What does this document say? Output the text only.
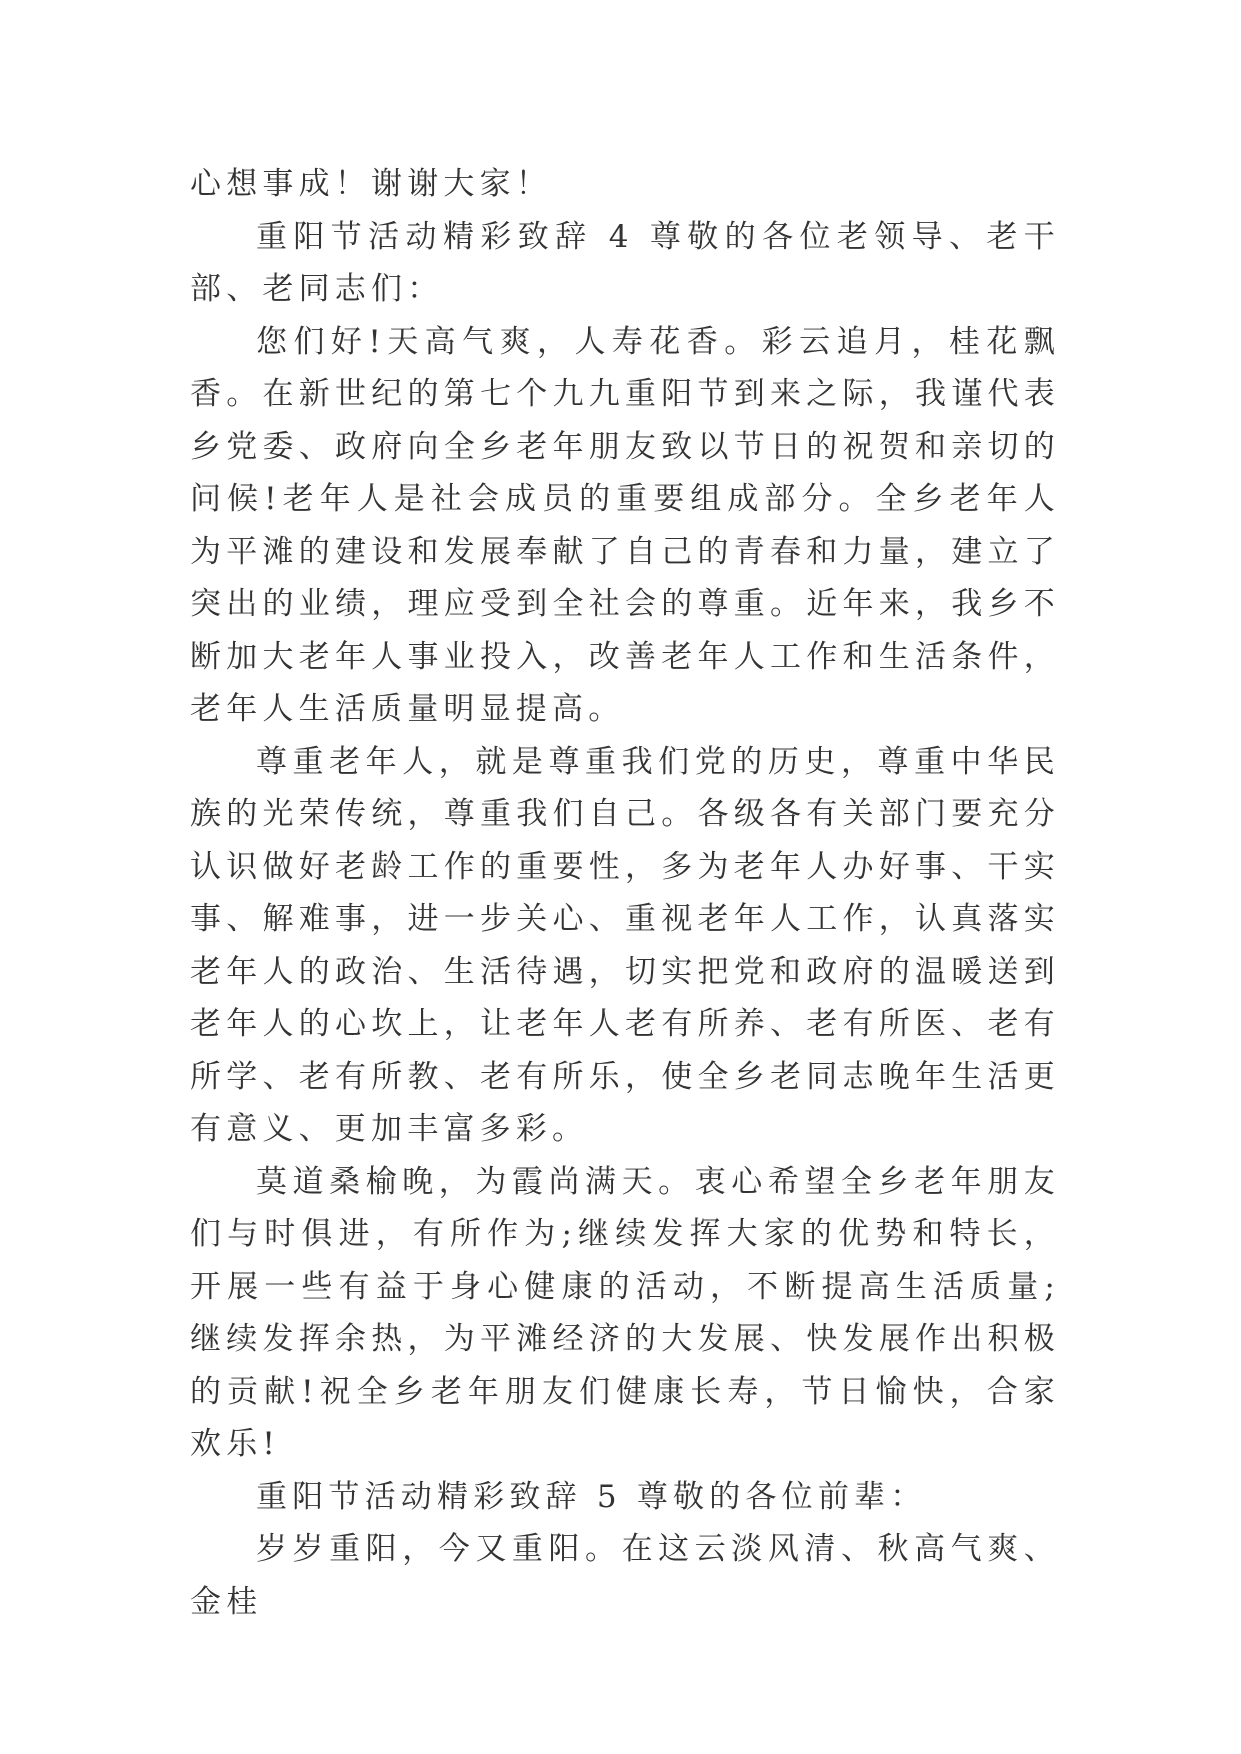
心想事成！谢谢大家！

重阳节活动精彩致辞 4 尊敬的各位老领导、老干部、老同志们：

您们好!天高气爽，人寿花香。彩云追月，桂花飘香。在新世纪的第七个九九重阳节到来之际，我谨代表乡党委、政府向全乡老年朋友致以节日的祝贺和亲切的问候!老年人是社会成员的重要组成部分。全乡老年人为平滩的建设和发展奉献了自己的青春和力量，建立了突出的业绩，理应受到全社会的尊重。近年来，我乡不断加大老年人事业投入，改善老年人工作和生活条件，老年人生活质量明显提高。

尊重老年人，就是尊重我们党的历史，尊重中华民族的光荣传统，尊重我们自己。各级各有关部门要充分认识做好老龄工作的重要性，多为老年人办好事、干实事、解难事，进一步关心、重视老年人工作，认真落实老年人的政治、生活待遇，切实把党和政府的温暖送到老年人的心坎上，让老年人老有所养、老有所医、老有所学、老有所教、老有所乐，使全乡老同志晚年生活更有意义、更加丰富多彩。

莫道桑榆晚，为霞尚满天。衷心希望全乡老年朋友们与时俱进，有所作为;继续发挥大家的优势和特长，开展一些有益于身心健康的活动，不断提高生活质量;继续发挥余热，为平滩经济的大发展、快发展作出积极的贡献!祝全乡老年朋友们健康长寿，节日愉快，合家欢乐!

重阳节活动精彩致辞 5 尊敬的各位前辈：

岁岁重阳，今又重阳。在这云淡风清、秋高气爽、金桂
